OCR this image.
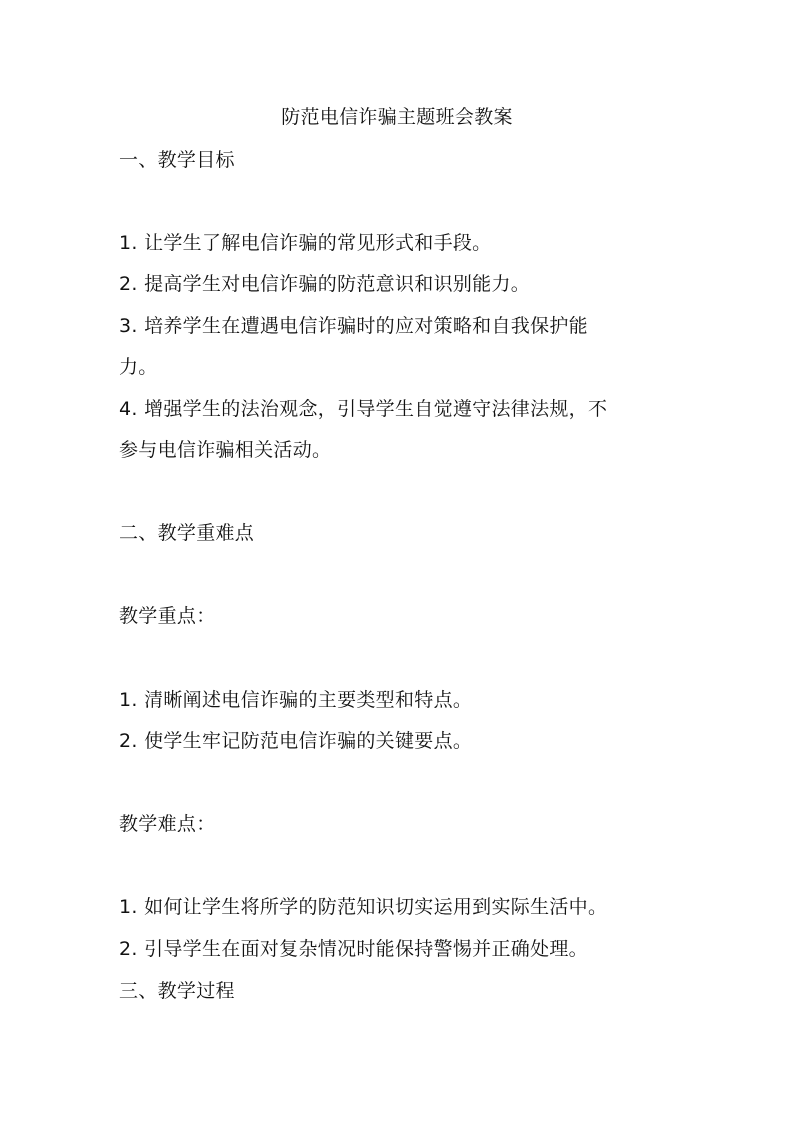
防范电信诈骗主题班会教案
一、教学目标
1. 让学生了解电信诈骗的常见形式和手段。
2. 提高学生对电信诈骗的防范意识和识别能力。
3. 培养学生在遭遇电信诈骗时的应对策略和自我保护能
力。
4. 增强学生的法治观念，引导学生自觉遵守法律法规，不
参与电信诈骗相关活动。
二、教学重难点
教学重点：
1. 清晰阐述电信诈骗的主要类型和特点。
2. 使学生牢记防范电信诈骗的关键要点。
教学难点：
1. 如何让学生将所学的防范知识切实运用到实际生活中。
2. 引导学生在面对复杂情况时能保持警惕并正确处理。
三、教学过程
